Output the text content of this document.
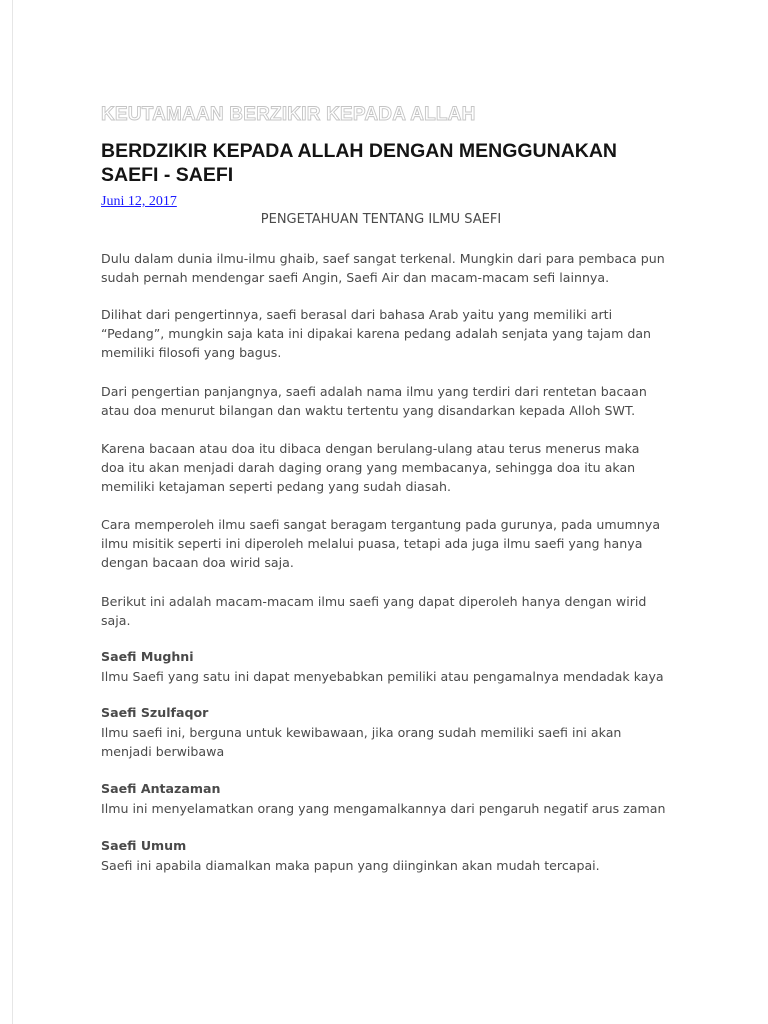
KEUTAMAAN BERZIKIR KEPADA ALLAH
BERDZIKIR KEPADA ALLAH DENGAN MENGGUNAKAN SAEFI - SAEFI
Juni 12, 2017
PENGETAHUAN TENTANG ILMU SAEFI

Dulu dalam dunia ilmu-ilmu ghaib, saef sangat terkenal. Mungkin dari para pembaca pun sudah pernah mendengar saefi Angin, Saefi Air dan macam-macam sefi lainnya.

Dilihat dari pengertinnya, saefi berasal dari bahasa Arab yaitu yang memiliki arti “Pedang”, mungkin saja kata ini dipakai karena pedang adalah senjata yang tajam dan memiliki filosofi yang bagus.

Dari pengertian panjangnya, saefi adalah nama ilmu yang terdiri dari rentetan bacaan atau doa menurut bilangan dan waktu tertentu yang disandarkan kepada Alloh SWT.

Karena bacaan atau doa itu dibaca dengan berulang-ulang atau terus menerus maka doa itu akan menjadi darah daging orang yang membacanya, sehingga doa itu akan memiliki ketajaman seperti pedang yang sudah diasah.

Cara memperoleh ilmu saefi sangat beragam tergantung pada gurunya, pada umumnya ilmu misitik seperti ini diperoleh melalui puasa, tetapi ada juga ilmu saefi yang hanya dengan bacaan doa wirid saja.

Berikut ini adalah macam-macam ilmu saefi yang dapat diperoleh hanya dengan wirid saja.

Saefi Mughni

Ilmu Saefi yang satu ini dapat menyebabkan pemiliki atau pengamalnya mendadak kaya

Saefi Szulfaqor

Ilmu saefi ini, berguna untuk kewibawaan, jika orang sudah memiliki saefi ini akan menjadi berwibawa

Saefi Antazaman

Ilmu ini menyelamatkan orang yang mengamalkannya dari pengaruh negatif arus zaman

Saefi Umum

Saefi ini apabila diamalkan maka papun yang diinginkan akan mudah tercapai.
